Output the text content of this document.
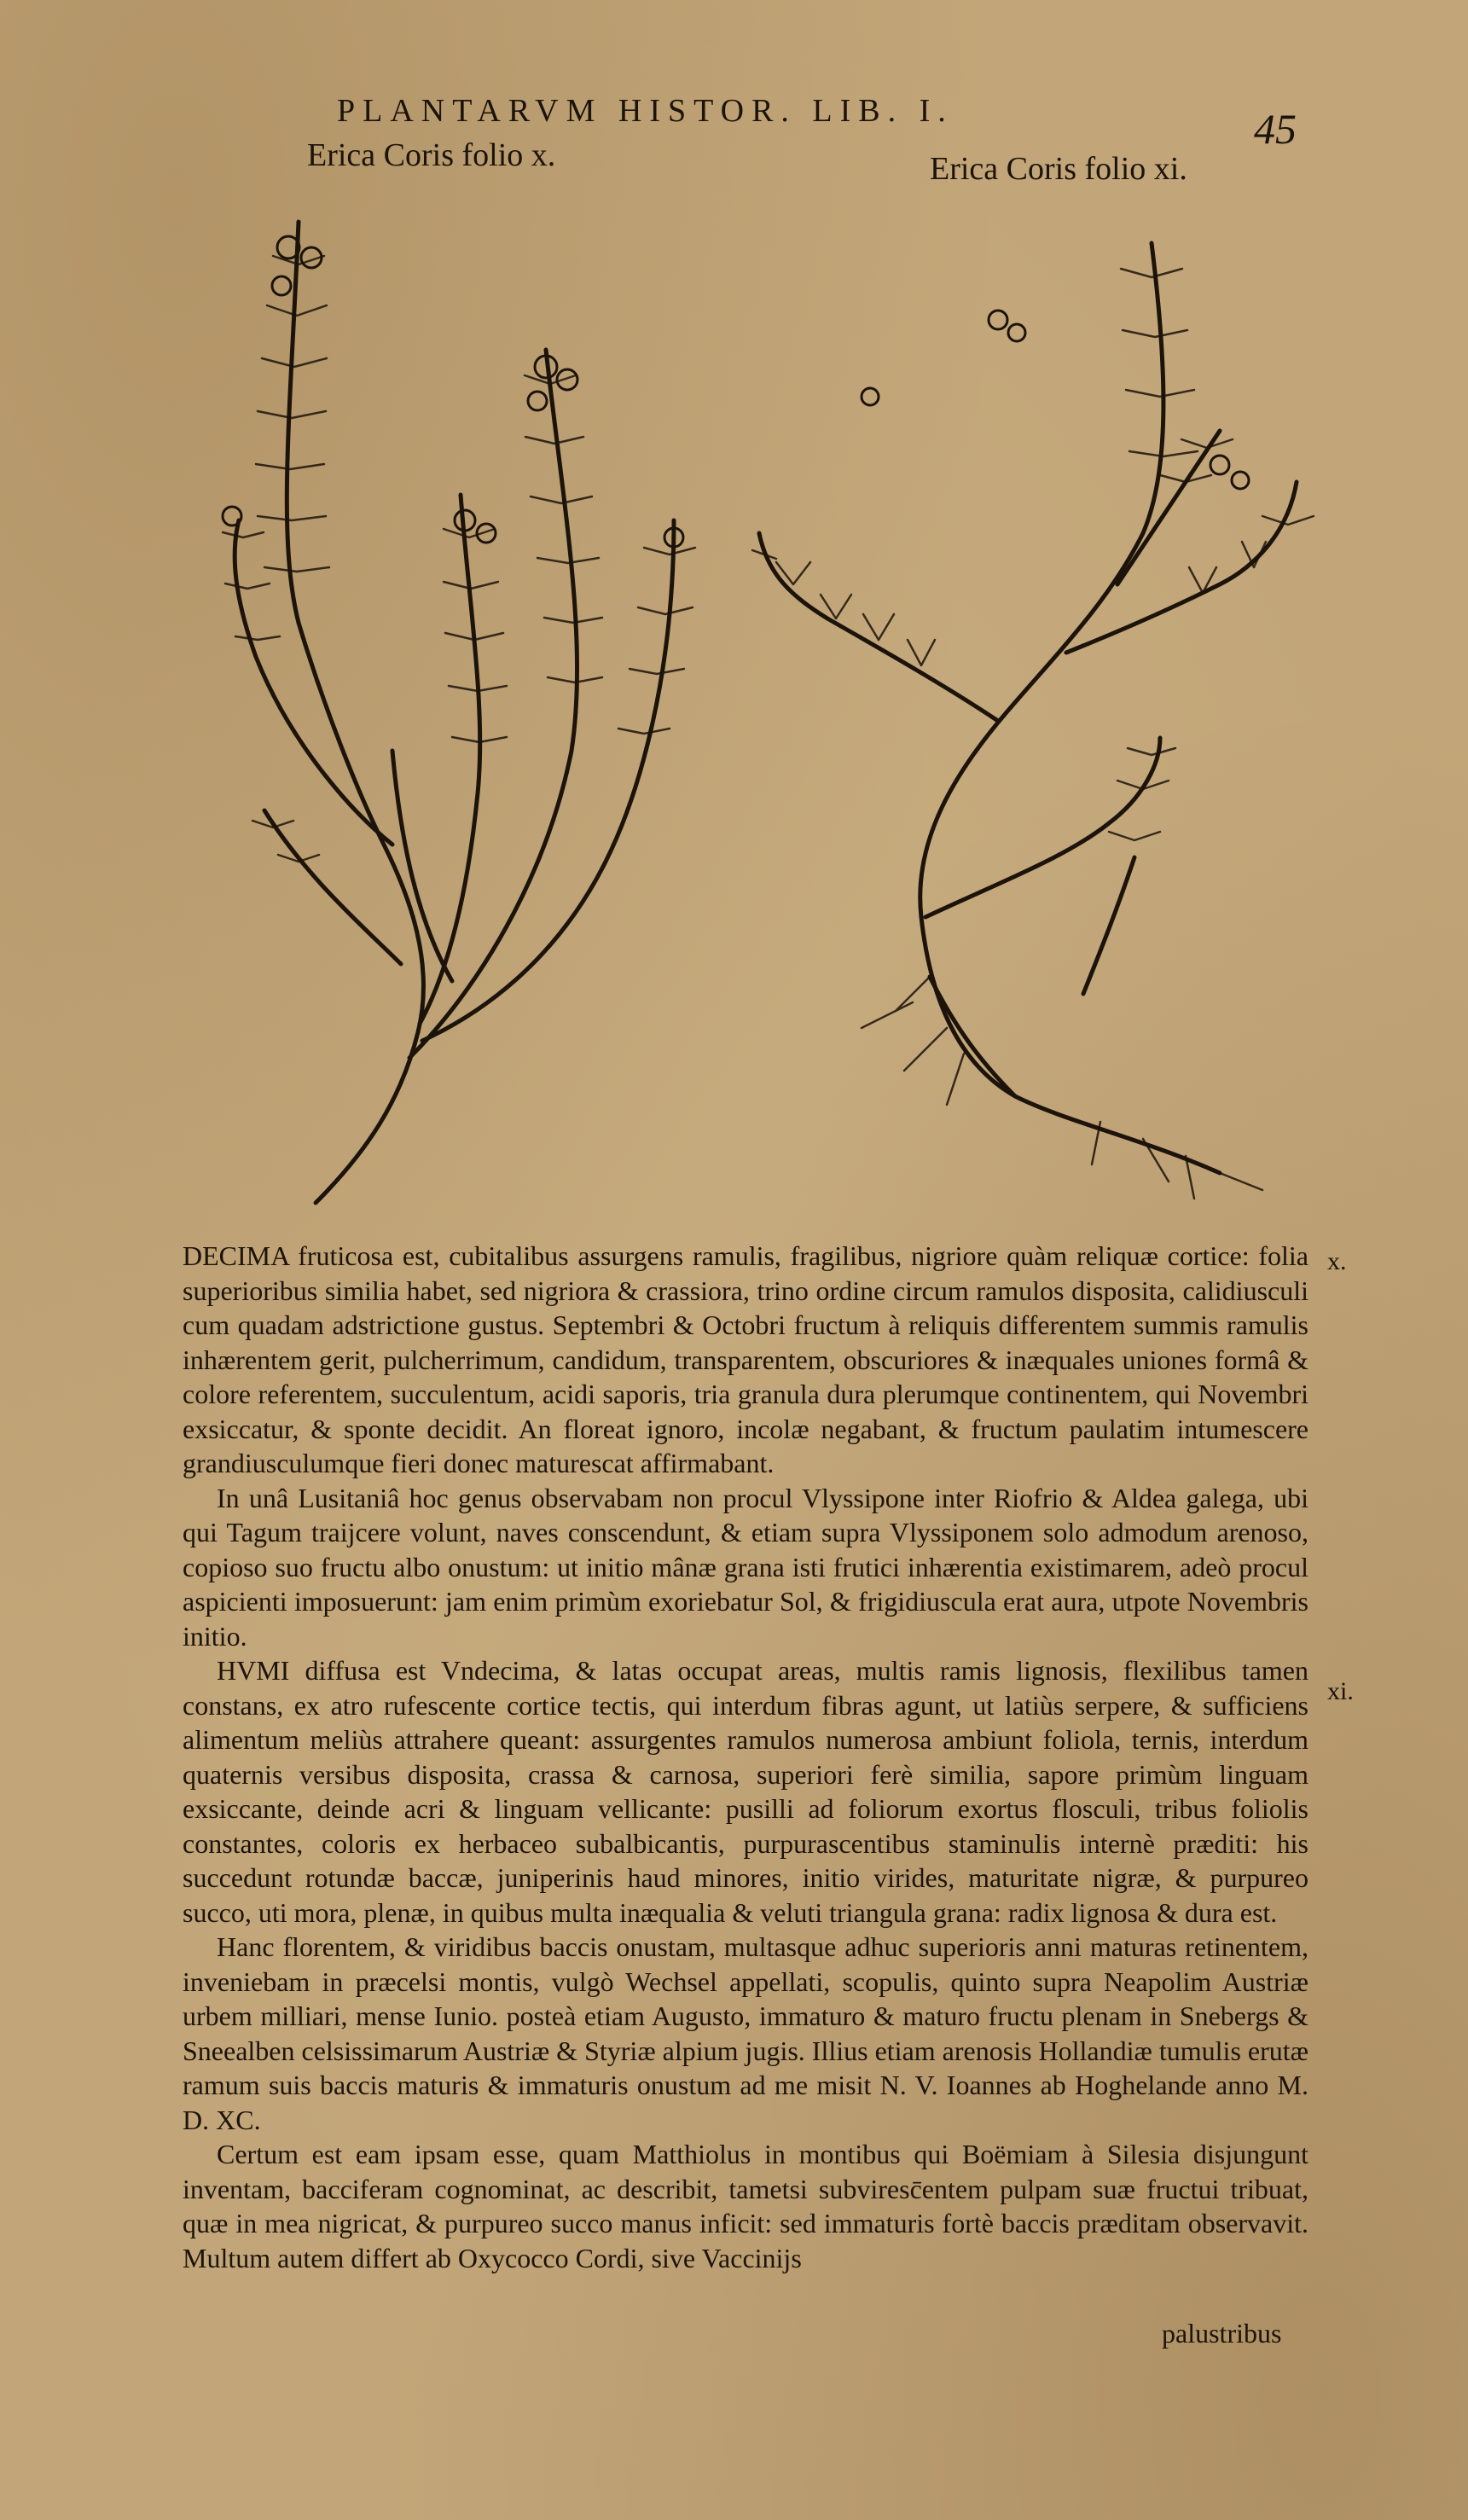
PLANTARVM HISTOR. LIB. I.	45
Erica Coris folio x.	Erica Coris folio xi.
x.
xi.

DECIMA fruticosa est, cubitalibus assurgens ramulis, fragilibus, nigriore quàm reliquæ cortice: folia superioribus similia habet, sed nigriora & crassiora, trino ordine circum ramulos disposita, calidiusculi cum quadam adstrictione gustus. Septembri & Octobri fructum à reliquis differentem summis ramulis inhærentem gerit, pulcherrimum, candidum, transparentem, obscuriores & inæquales uniones formâ & colore referentem, succulentum, acidi saporis, tria granula dura plerumque continentem, qui Novembri exsiccatur, & sponte decidit. An floreat ignoro, incolæ negabant, & fructum paulatim intumescere grandiusculumque fieri donec maturescat affirmabant.

In unâ Lusitaniâ hoc genus observabam non procul Vlyssipone inter Riofrio & Aldea galega, ubi qui Tagum traijcere volunt, naves conscendunt, & etiam supra Vlyssiponem solo admodum arenoso, copioso suo fructu albo onustum: ut initio mânæ grana isti frutici inhærentia existimarem, adeò procul aspicienti imposuerunt: jam enim primùm exoriebatur Sol, & frigidiuscula erat aura, utpote Novembris initio.

HVMI diffusa est Vndecima, & latas occupat areas, multis ramis lignosis, flexilibus tamen constans, ex atro rufescente cortice tectis, qui interdum fibras agunt, ut latiùs serpere, & sufficiens alimentum meliùs attrahere queant: assurgentes ramulos numerosa ambiunt foliola, ternis, interdum quaternis versibus disposita, crassa & carnosa, superiori ferè similia, sapore primùm linguam exsiccante, deinde acri & linguam vellicante: pusilli ad foliorum exortus flosculi, tribus foliolis constantes, coloris ex herbaceo subalbicantis, purpurascentibus staminulis internè præditi: his succedunt rotundæ baccæ, juniperinis haud minores, initio virides, maturitate nigræ, & purpureo succo, uti mora, plenæ, in quibus multa inæqualia & veluti triangula grana: radix lignosa & dura est.

Hanc florentem, & viridibus baccis onustam, multasque adhuc superioris anni maturas retinentem, inveniebam in præcelsi montis, vulgò Wechsel appellati, scopulis, quinto supra Neapolim Austriæ urbem milliari, mense Iunio. posteà etiam Augusto, immaturo & maturo fructu plenam in Snebergs & Sneealben celsissimarum Austriæ & Styriæ alpium jugis. Illius etiam arenosis Hollandiæ tumulis erutæ ramum suis baccis maturis & immaturis onustum ad me misit N. V. Ioannes ab Hoghelande anno M. D. XC.

Certum est eam ipsam esse, quam Matthiolus in montibus qui Boëmiam à Silesia disjungunt inventam, bacciferam cognominat, ac describit, tametsi subviresc̄entem pulpam suæ fructui tribuat, quæ in mea nigricat, & purpureo succo manus inficit: sed immaturis fortè baccis præditam observavit. Multum autem differt ab Oxycocco Cordi, sive Vaccinijs

palustribus
